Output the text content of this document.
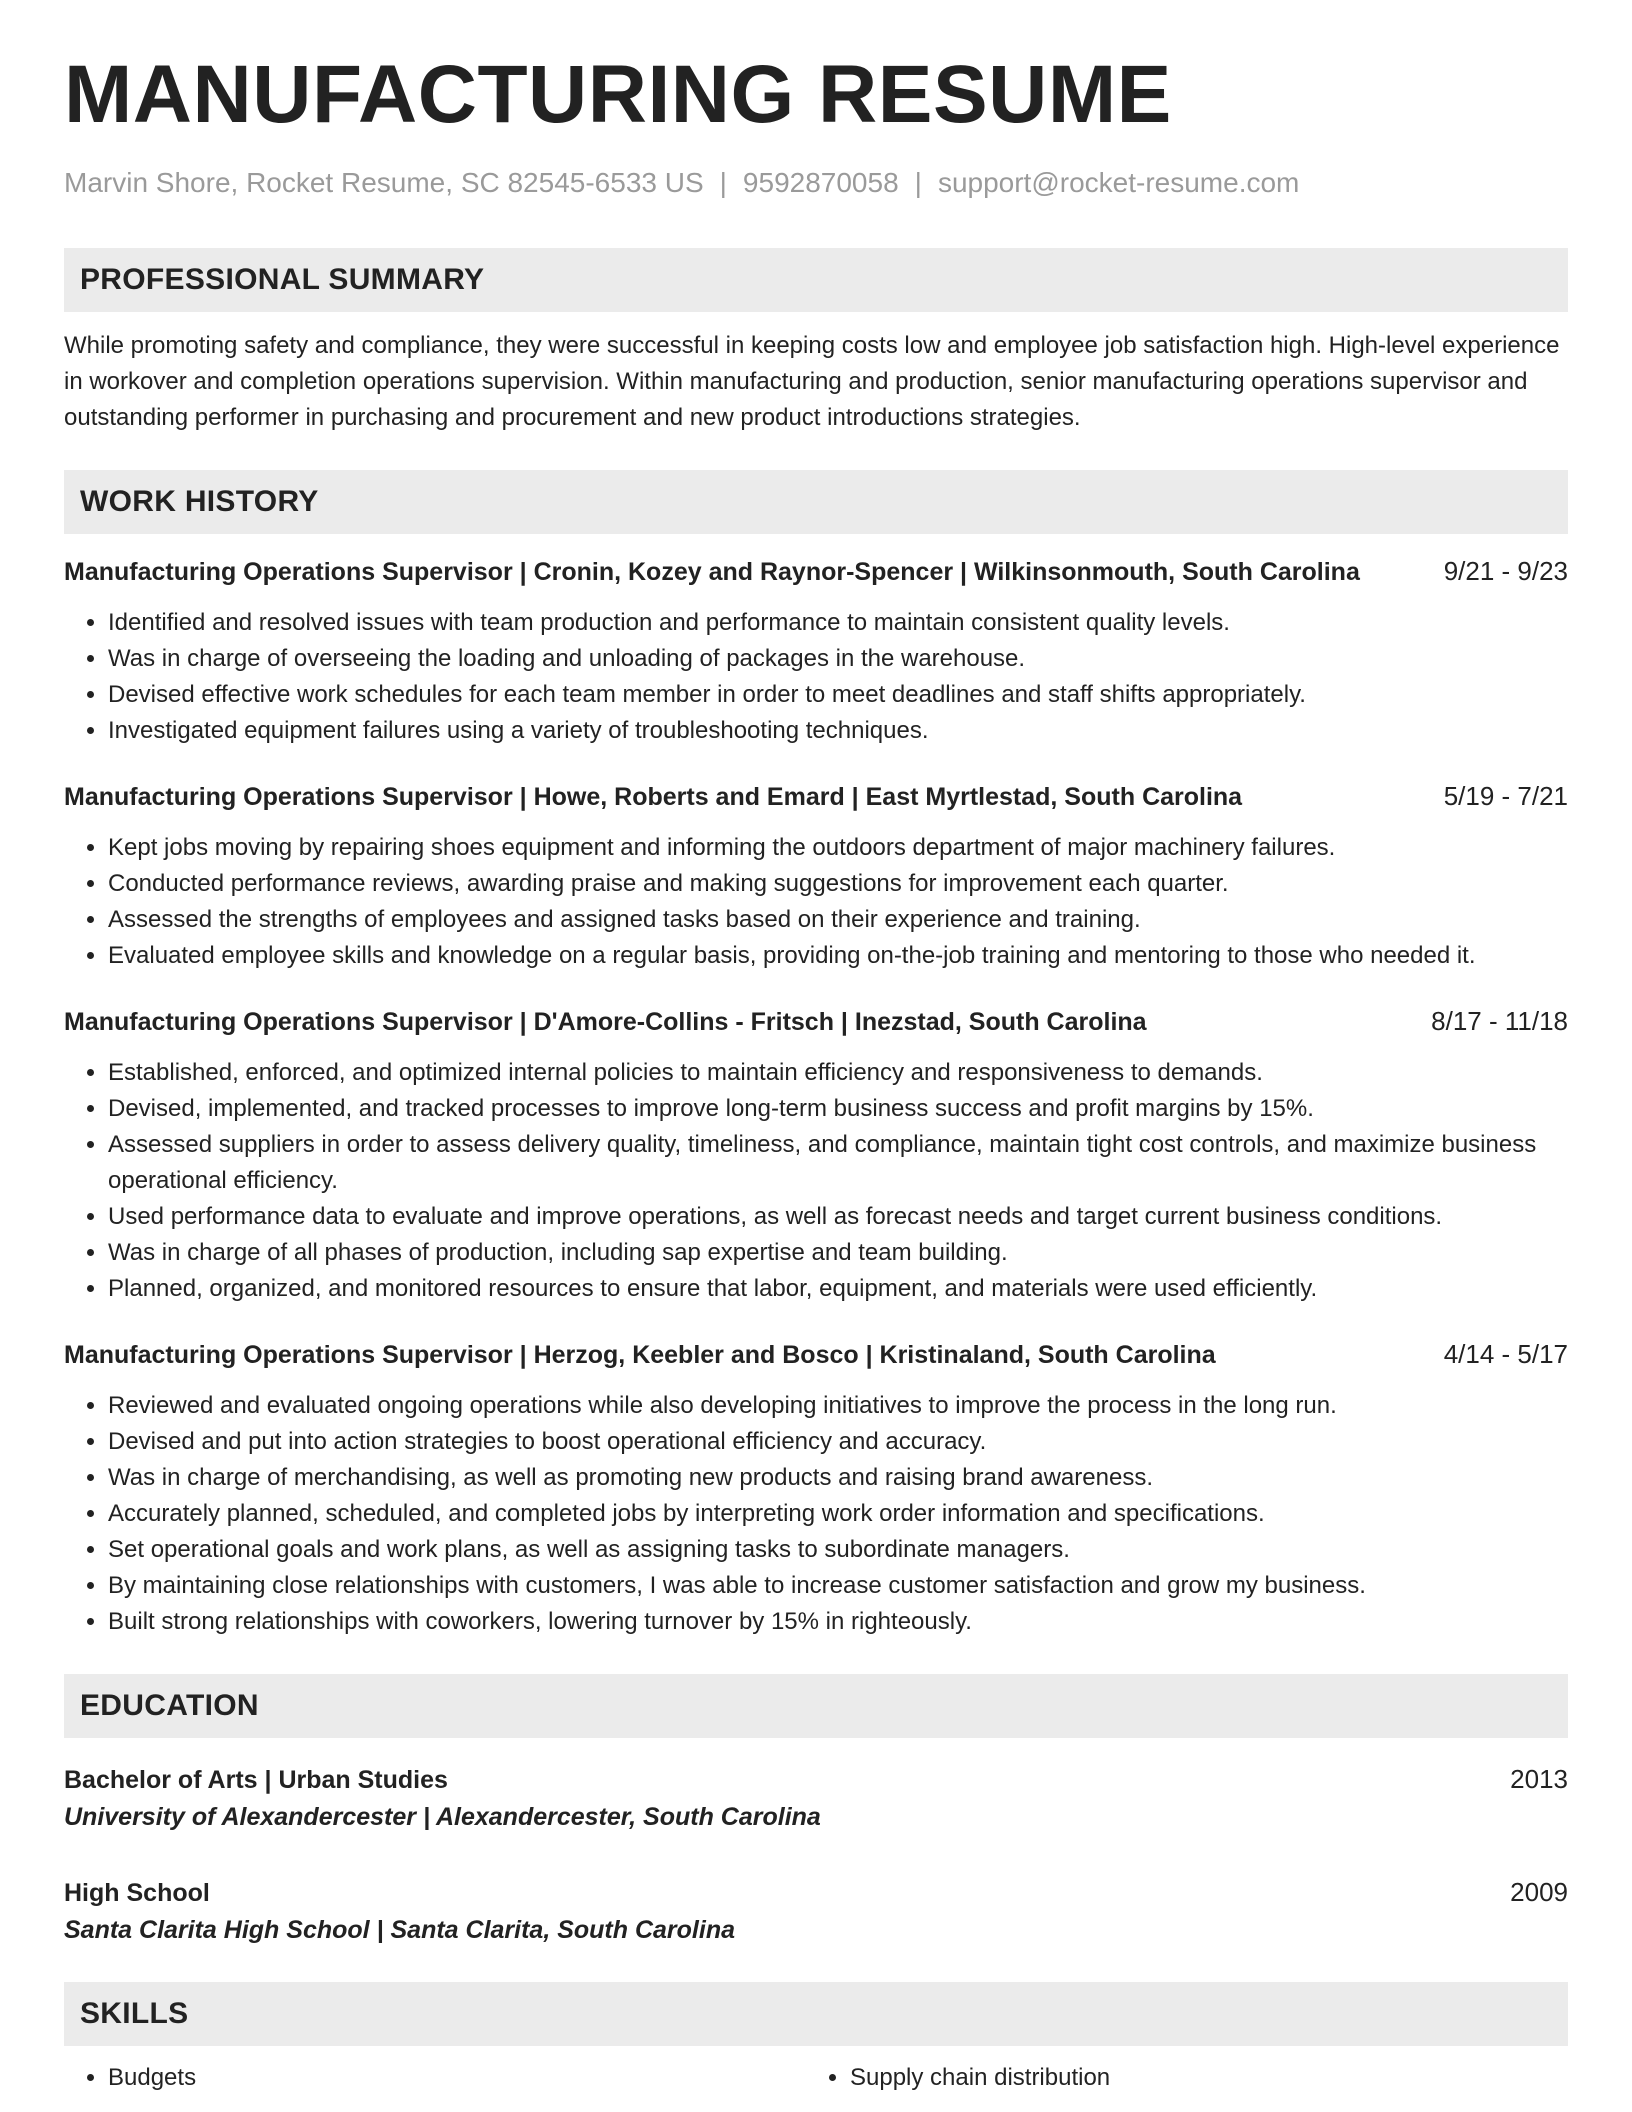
MANUFACTURING RESUME
Marvin Shore, Rocket Resume, SC 82545-6533 US | 9592870058 | support@rocket-resume.com
PROFESSIONAL SUMMARY

While promoting safety and compliance, they were successful in keeping costs low and employee job satisfaction high. High-level experience in workover and completion operations supervision. Within manufacturing and production, senior manufacturing operations supervisor and outstanding performer in purchasing and procurement and new product introductions strategies.

WORK HISTORY
Manufacturing Operations Supervisor | Cronin, Kozey and Raynor-Spencer | Wilkinsonmouth, South Carolina	9/21 - 9/23
• Identified and resolved issues with team production and performance to maintain consistent quality levels.
• Was in charge of overseeing the loading and unloading of packages in the warehouse.
• Devised effective work schedules for each team member in order to meet deadlines and staff shifts appropriately.
• Investigated equipment failures using a variety of troubleshooting techniques.
Manufacturing Operations Supervisor | Howe, Roberts and Emard | East Myrtlestad, South Carolina	5/19 - 7/21
• Kept jobs moving by repairing shoes equipment and informing the outdoors department of major machinery failures.
• Conducted performance reviews, awarding praise and making suggestions for improvement each quarter.
• Assessed the strengths of employees and assigned tasks based on their experience and training.
• Evaluated employee skills and knowledge on a regular basis, providing on-the-job training and mentoring to those who needed it.
Manufacturing Operations Supervisor | D'Amore-Collins - Fritsch | Inezstad, South Carolina	8/17 - 11/18
• Established, enforced, and optimized internal policies to maintain efficiency and responsiveness to demands.
• Devised, implemented, and tracked processes to improve long-term business success and profit margins by 15%.
• Assessed suppliers in order to assess delivery quality, timeliness, and compliance, maintain tight cost controls, and maximize business operational efficiency.
• Used performance data to evaluate and improve operations, as well as forecast needs and target current business conditions.
• Was in charge of all phases of production, including sap expertise and team building.
• Planned, organized, and monitored resources to ensure that labor, equipment, and materials were used efficiently.
Manufacturing Operations Supervisor | Herzog, Keebler and Bosco | Kristinaland, South Carolina	4/14 - 5/17
• Reviewed and evaluated ongoing operations while also developing initiatives to improve the process in the long run.
• Devised and put into action strategies to boost operational efficiency and accuracy.
• Was in charge of merchandising, as well as promoting new products and raising brand awareness.
• Accurately planned, scheduled, and completed jobs by interpreting work order information and specifications.
• Set operational goals and work plans, as well as assigning tasks to subordinate managers.
• By maintaining close relationships with customers, I was able to increase customer satisfaction and grow my business.
• Built strong relationships with coworkers, lowering turnover by 15% in righteously.
EDUCATION
Bachelor of Arts | Urban Studies	2013
University of Alexandercester | Alexandercester, South Carolina
High School	2009
Santa Clarita High School | Santa Clarita, South Carolina
SKILLS
• Budgets
•	Supply chain distribution
